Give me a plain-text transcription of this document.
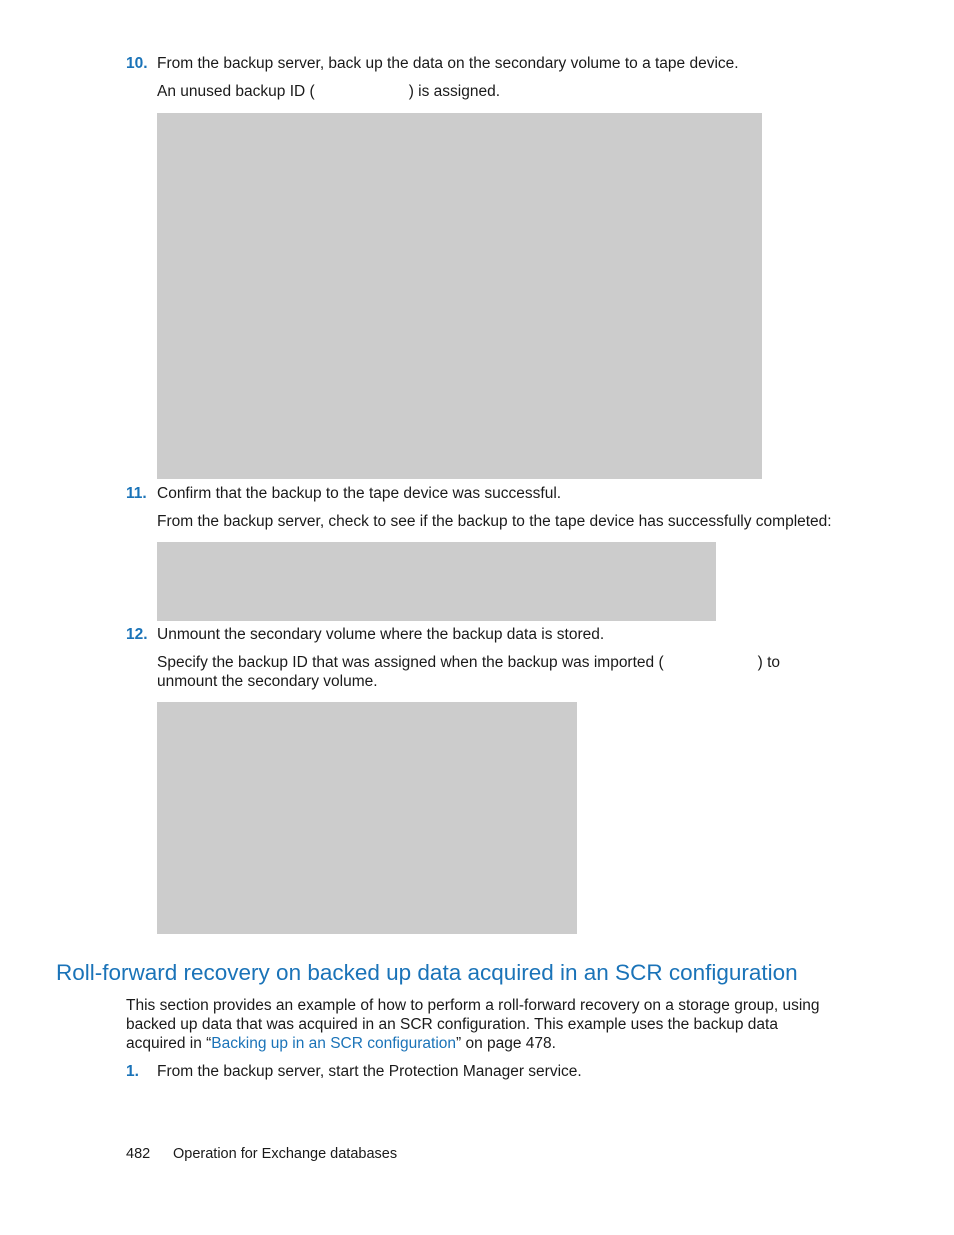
10. From the backup server, back up the data on the secondary volume to a tape device.
An unused backup ID (	) is assigned.
11. Confirm that the backup to the tape device was successful.
From the backup server, check to see if the backup to the tape device has successfully completed:
12. Unmount the secondary volume where the backup data is stored.
Specify the backup ID that was assigned when the backup was imported (	) to
unmount the secondary volume.
Roll-forward recovery on backed up data acquired in an SCR configuration
This section provides an example of how to perform a roll-forward recovery on a storage group, using
backed up data that was acquired in an SCR configuration. This example uses the backup data
acquired in “Backing up in an SCR configuration” on page 478.
1. From the backup server, start the Protection Manager service.
482 Operation for Exchange databases
